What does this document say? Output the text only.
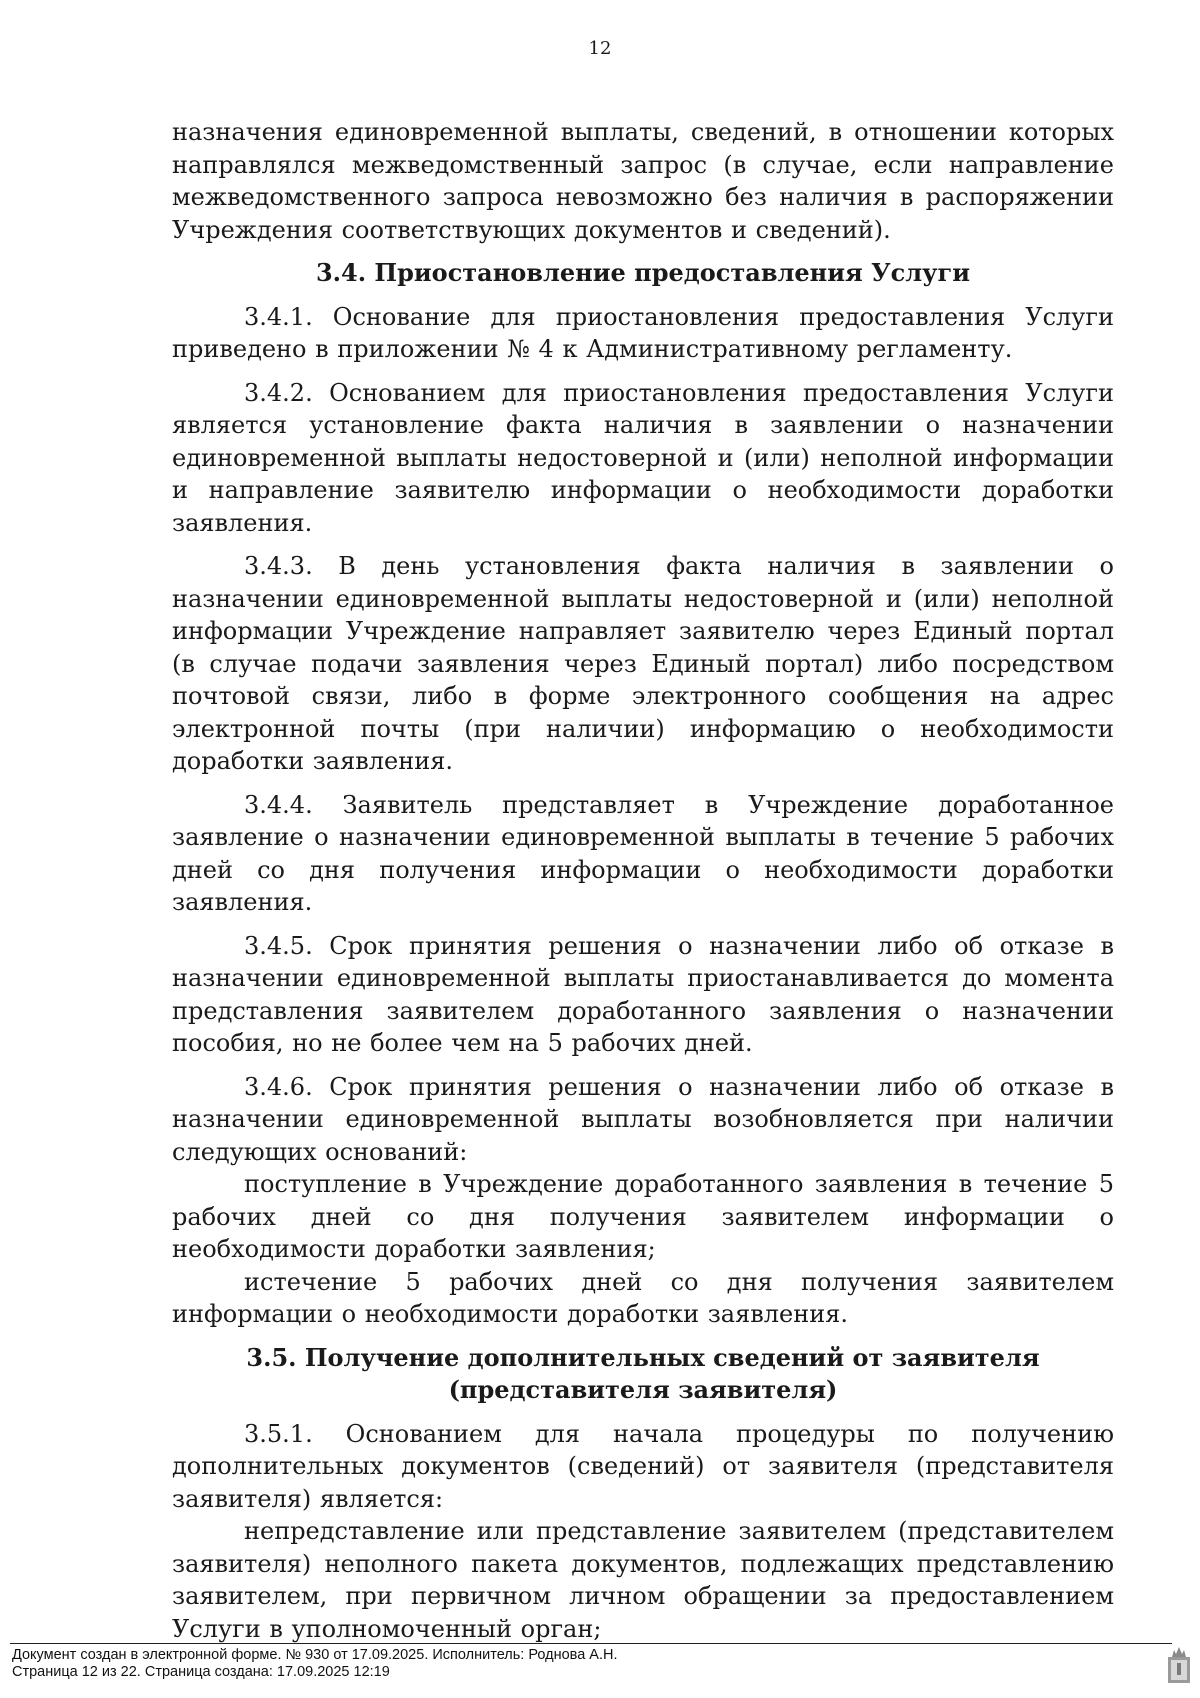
12

назначения единовременной выплаты, сведений, в отношении которых направлялся межведомственный запрос (в случае, если направление межведомственного запроса невозможно без наличия в распоряжении Учреждения соответствующих документов и сведений).

3.4. Приостановление предоставления Услуги

3.4.1. Основание для приостановления предоставления Услуги приведено в приложении № 4 к Административному регламенту.

3.4.2. Основанием для приостановления предоставления Услуги является установление факта наличия в заявлении о назначении единовременной выплаты недостоверной и (или) неполной информации и направление заявителю информации о необходимости доработки заявления.

3.4.3. В день установления факта наличия в заявлении о назначении единовременной выплаты недостоверной и (или) неполной информации Учреждение направляет заявителю через Единый портал (в случае подачи заявления через Единый портал) либо посредством почтовой связи, либо в форме электронного сообщения на адрес электронной почты (при наличии) информацию о необходимости доработки заявления.

3.4.4. Заявитель представляет в Учреждение доработанное заявление о назначении единовременной выплаты в течение 5 рабочих дней со дня получения информации о необходимости доработки заявления.

3.4.5. Срок принятия решения о назначении либо об отказе в назначении единовременной выплаты приостанавливается до момента представления заявителем доработанного заявления о назначении пособия, но не более чем на 5 рабочих дней.

3.4.6. Срок принятия решения о назначении либо об отказе в назначении единовременной выплаты возобновляется при наличии следующих оснований:

поступление в Учреждение доработанного заявления в течение 5 рабочих дней со дня получения заявителем информации о необходимости доработки заявления;

истечение 5 рабочих дней со дня получения заявителем информации о необходимости доработки заявления.

3.5. Получение дополнительных сведений от заявителя
(представителя заявителя)

3.5.1. Основанием для начала процедуры по получению дополнительных документов (сведений) от заявителя (представителя заявителя) является:

непредставление или представление заявителем (представителем заявителя) неполного пакета документов, подлежащих представлению заявителем, при первичном личном обращении за предоставлением Услуги в уполномоченный орган;

Документ создан в электронной форме. № 930 от 17.09.2025. Исполнитель: Роднова А.Н.
Страница 12 из 22. Страница создана: 17.09.2025 12:19
